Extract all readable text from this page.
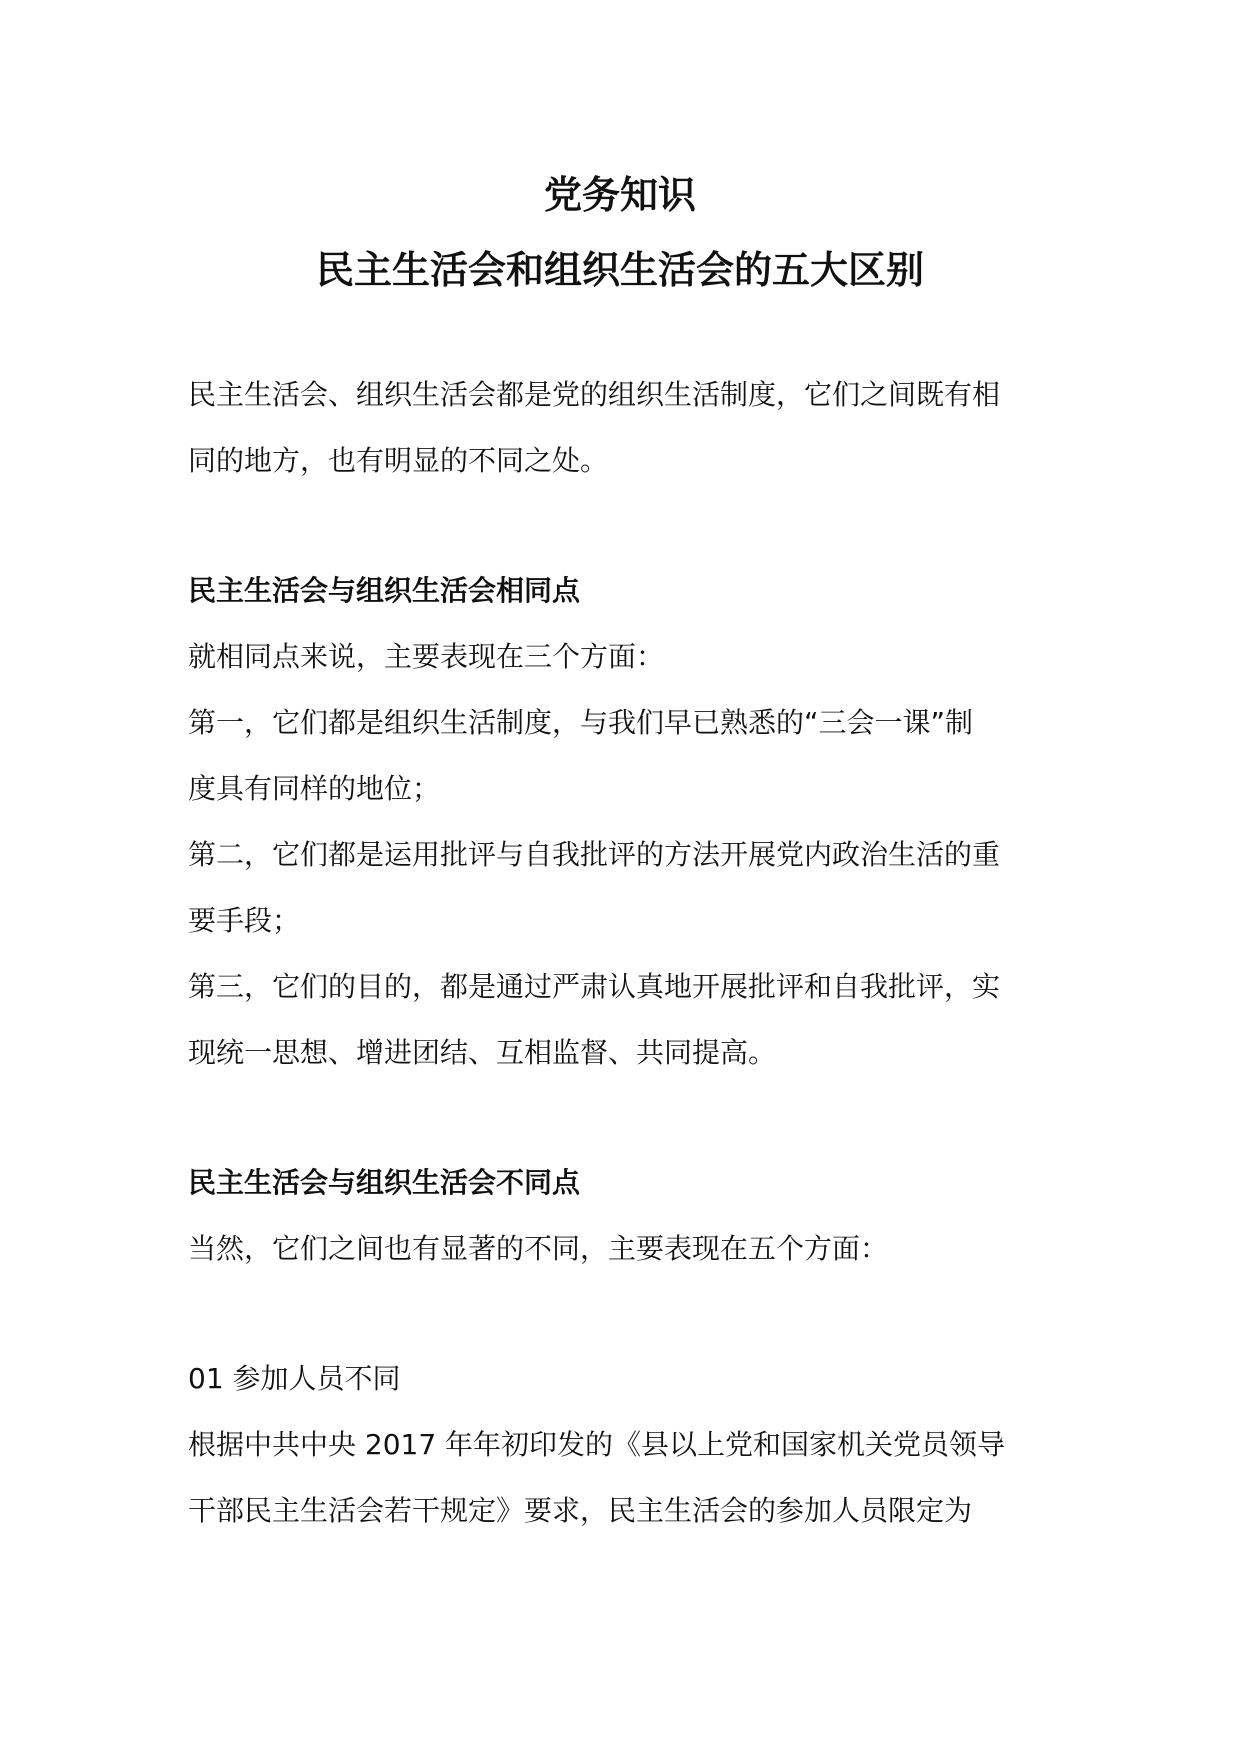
党务知识
民主生活会和组织生活会的五大区别

民主生活会、组织生活会都是党的组织生活制度，它们之间既有相

同的地方，也有明显的不同之处。

民主生活会与组织生活会相同点

就相同点来说，主要表现在三个方面：

第一，它们都是组织生活制度，与我们早已熟悉的“三会一课”制

度具有同样的地位；

第二，它们都是运用批评与自我批评的方法开展党内政治生活的重

要手段；

第三，它们的目的，都是通过严肃认真地开展批评和自我批评，实

现统一思想、增进团结、互相监督、共同提高。

民主生活会与组织生活会不同点

当然，它们之间也有显著的不同，主要表现在五个方面：

01 参加人员不同

根据中共中央 2017 年年初印发的《县以上党和国家机关党员领导

干部民主生活会若干规定》要求，民主生活会的参加人员限定为
